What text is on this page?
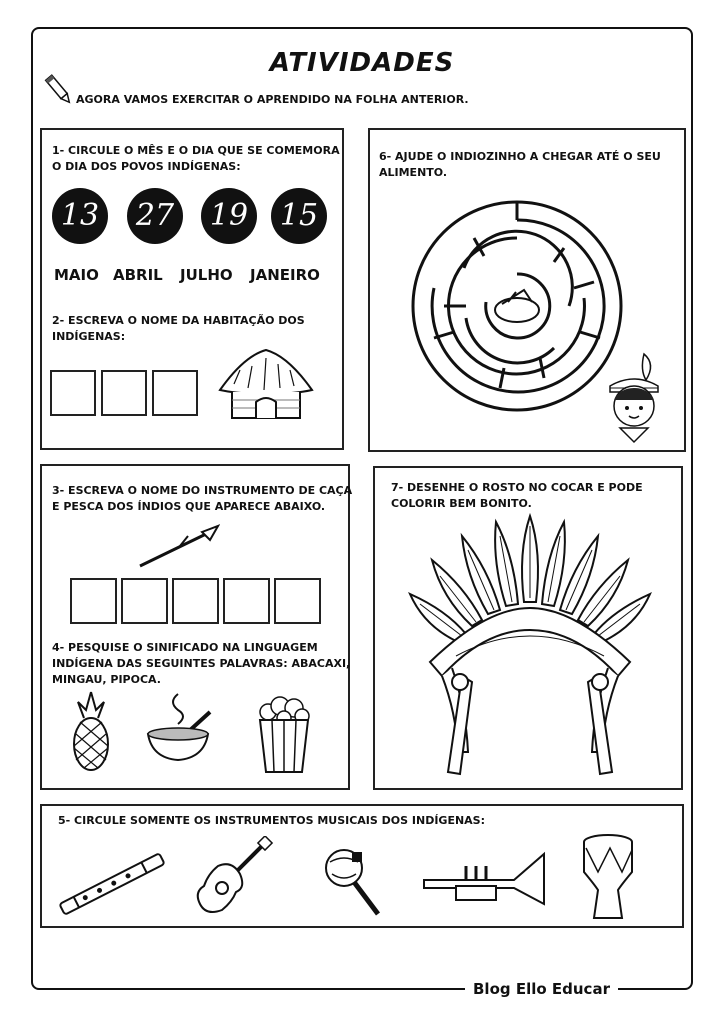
ATIVIDADES
AGORA VAMOS EXERCITAR O APRENDIDO NA FOLHA ANTERIOR.
1- CIRCULE O MÊS E O DIA QUE SE COMEMORA
O DIA DOS POVOS INDÍGENAS:
13 27 19 15
MAIO ABRIL JULHO JANEIRO
2- ESCREVA O NOME DA HABITAÇÃO DOS
INDÍGENAS:
6- AJUDE O INDIOZINHO A CHEGAR ATÉ O SEU
ALIMENTO.
3- ESCREVA O NOME DO INSTRUMENTO DE CAÇA
E PESCA DOS ÍNDIOS QUE APARECE ABAIXO.
4- PESQUISE O SINIFICADO NA LINGUAGEM
INDÍGENA DAS SEGUINTES PALAVRAS: ABACAXI,
MINGAU, PIPOCA.
7- DESENHE O ROSTO NO COCAR E PODE
COLORIR BEM BONITO.
5- CIRCULE SOMENTE OS INSTRUMENTOS MUSICAIS DOS INDÍGENAS:
Blog Ello Educar
